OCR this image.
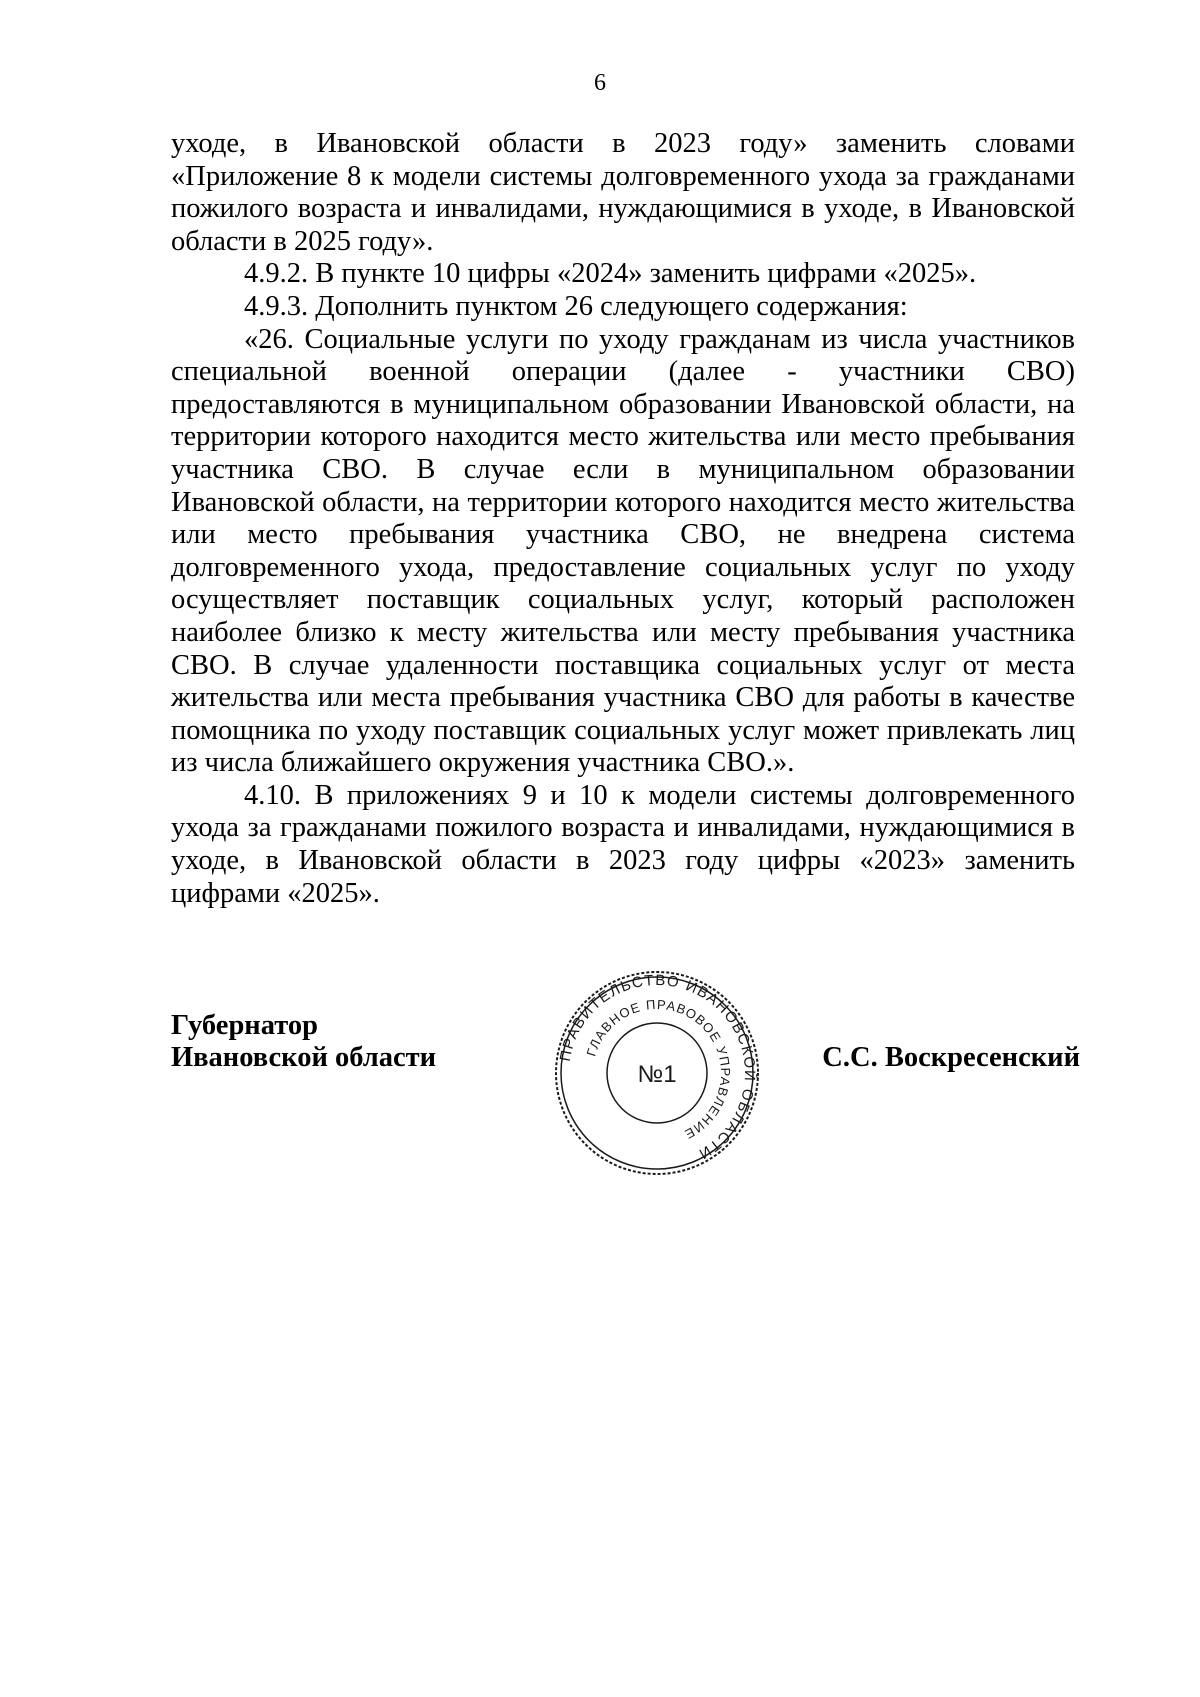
6

уходе, в Ивановской области в 2023 году» заменить словами «Приложение 8 к модели системы долговременного ухода за гражданами пожилого возраста и инвалидами, нуждающимися в уходе, в Ивановской области в 2025 году».

4.9.2. В пункте 10 цифры «2024» заменить цифрами «2025».

4.9.3. Дополнить пунктом 26 следующего содержания:

«26. Социальные услуги по уходу гражданам из числа участников специальной военной операции (далее - участники СВО) предоставляются в муниципальном образовании Ивановской области, на территории которого находится место жительства или место пребывания участника СВО. В случае если в муниципальном образовании Ивановской области, на территории которого находится место жительства или место пребывания участника СВО, не внедрена система долговременного ухода, предоставление социальных услуг по уходу осуществляет поставщик социальных услуг, который расположен наиболее близко к месту жительства или месту пребывания участника СВО. В случае удаленности поставщика социальных услуг от места жительства или места пребывания участника СВО для работы в качестве помощника по уходу поставщик социальных услуг может привлекать лиц из числа ближайшего окружения участника СВО.».

4.10. В приложениях 9 и 10 к модели системы долговременного ухода за гражданами пожилого возраста и инвалидами, нуждающимися в уходе, в Ивановской области в 2023 году цифры «2023» заменить цифрами «2025».

Губернатор
Ивановской области	ПРАВИТЕЛЬСТВО ИВАНОВСКОЙ ОБЛАСТИ
ГЛАВНОЕ ПРАВОВОЕ УПРАВЛЕНИЕ
№1
С.С. Воскресенский
